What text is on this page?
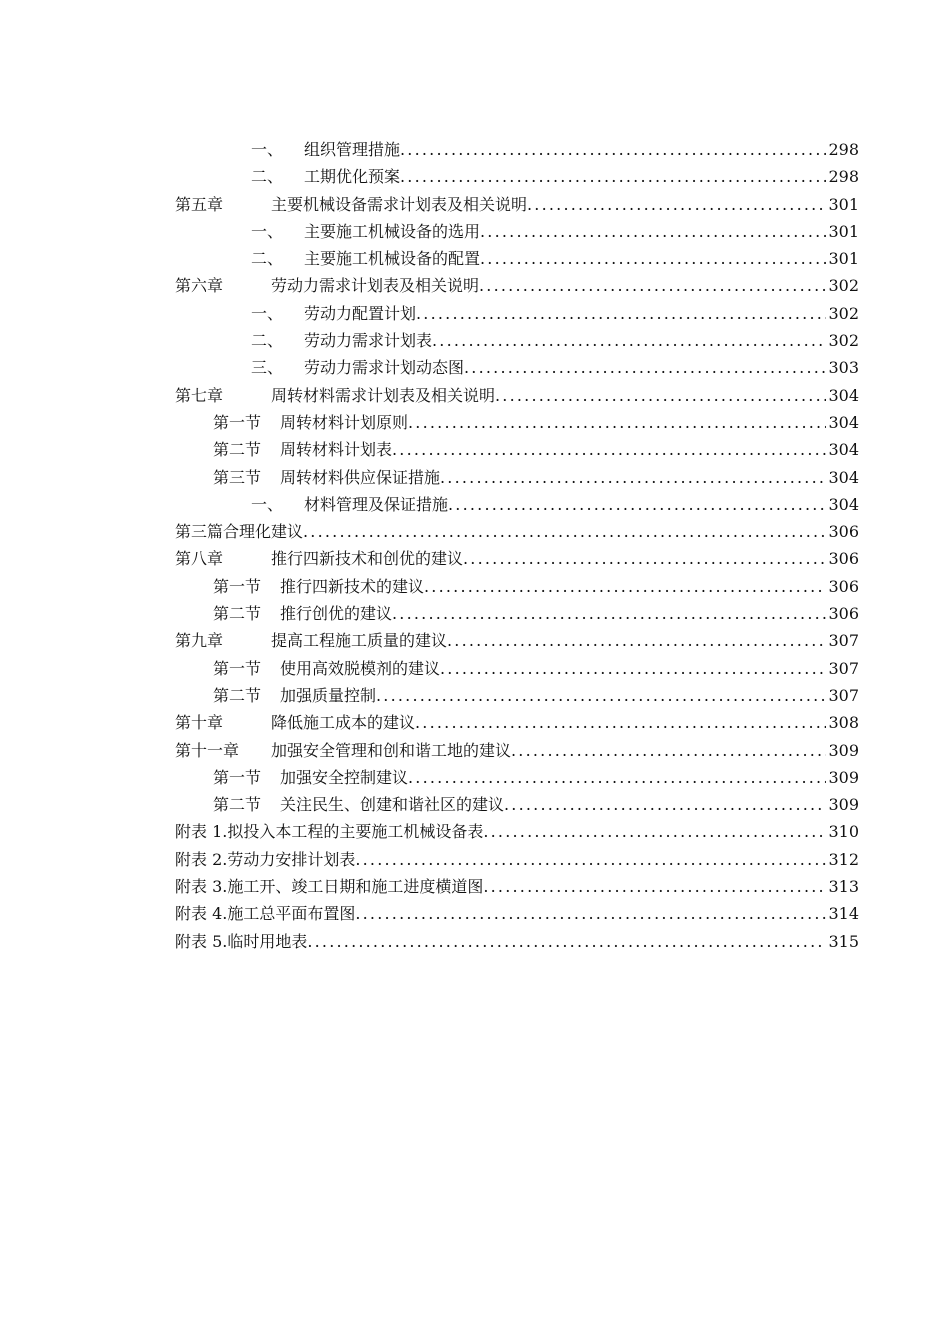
一、	组织管理措施 .....	298
二、	工期优化预案 .....	298
第五章	主要机械设备需求计划表及相关说明 .....	301
一、	主要施工机械设备的选用 .....	301
二、	主要施工机械设备的配置 .....	301
第六章	劳动力需求计划表及相关说明 .....	302
一、	劳动力配置计划 .....	302
二、	劳动力需求计划表 .....	302
三、	劳动力需求计划动态图 .....	303
第七章	周转材料需求计划表及相关说明 .....	304
第一节	周转材料计划原则 .....	304
第二节	周转材料计划表 .....	304
第三节	周转材料供应保证措施 .....	304
一、	材料管理及保证措施 .....	304
第三篇合理化建议 .....	306
第八章	推行四新技术和创优的建议 .....	306
第一节	推行四新技术的建议 .....	306
第二节	推行创优的建议 .....	306
第九章	提高工程施工质量的建议 .....	307
第一节	使用高效脱模剂的建议 .....	307
第二节	加强质量控制 .....	307
第十章	降低施工成本的建议 .....	308
第十一章	加强安全管理和创和谐工地的建议 .....	309
第一节	加强安全控制建议 .....	309
第二节	关注民生、创建和谐社区的建议 .....	309
附表 1.拟投入本工程的主要施工机械设备表 .....	310
附表 2.劳动力安排计划表 .....	312
附表 3.施工开、竣工日期和施工进度横道图 .....	313
附表 4.施工总平面布置图 .....	314
附表 5.临时用地表 .....	315
